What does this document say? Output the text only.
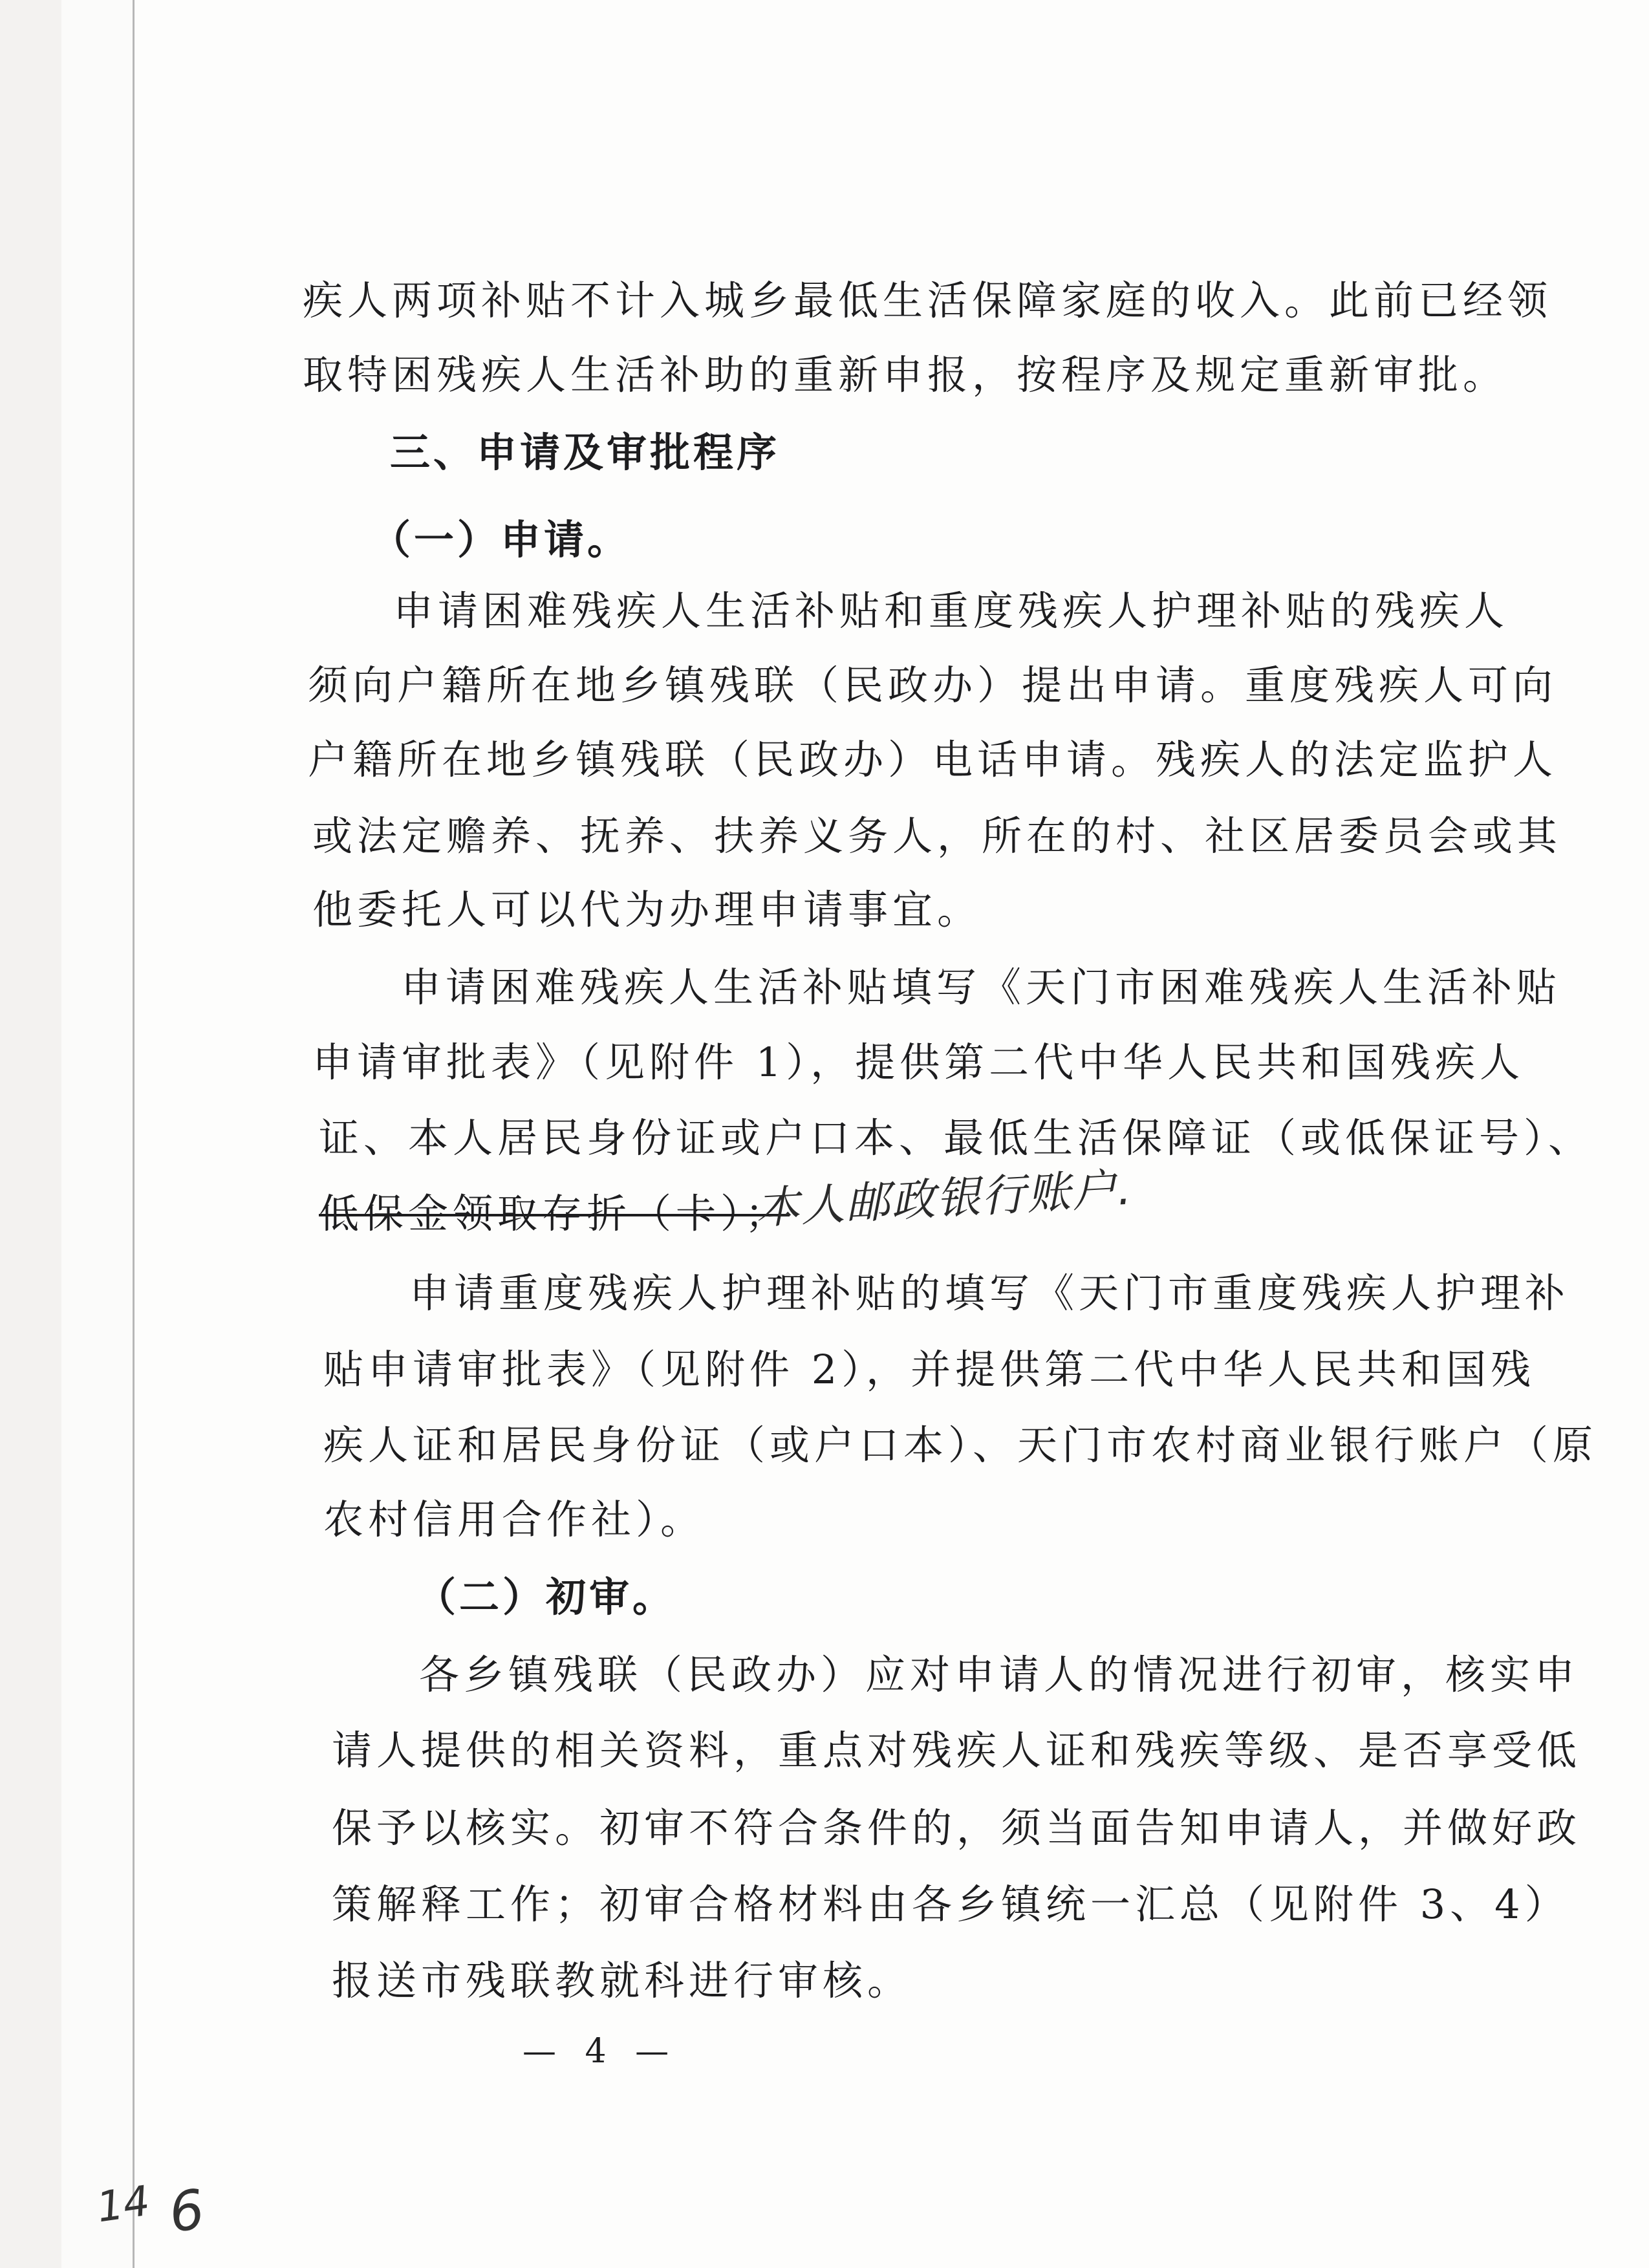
疾人两项补贴不计入城乡最低生活保障家庭的收入。此前已经领

取特困残疾人生活补助的重新申报，按程序及规定重新审批。

三、申请及审批程序

（一）申请。

申请困难残疾人生活补贴和重度残疾人护理补贴的残疾人

须向户籍所在地乡镇残联（民政办）提出申请。重度残疾人可向

户籍所在地乡镇残联（民政办）电话申请。残疾人的法定监护人

或法定赡养、抚养、扶养义务人，所在的村、社区居委员会或其

他委托人可以代为办理申请事宜。

申请困难残疾人生活补贴填写《天门市困难残疾人生活补贴

申请审批表》（见附件 1），提供第二代中华人民共和国残疾人

证、本人居民身份证或户口本、最低生活保障证（或低保证号）、

低保金领取存折（卡）；

本人邮政银行账户.

申请重度残疾人护理补贴的填写《天门市重度残疾人护理补

贴申请审批表》（见附件 2），并提供第二代中华人民共和国残

疾人证和居民身份证（或户口本）、天门市农村商业银行账户（原

农村信用合作社）。

（二）初审。

各乡镇残联（民政办）应对申请人的情况进行初审，核实申

请人提供的相关资料，重点对残疾人证和残疾等级、是否享受低

保予以核实。初审不符合条件的，须当面告知申请人，并做好政

策解释工作；初审合格材料由各乡镇统一汇总（见附件 3、4）

报送市残联教就科进行审核。

— 4 —
14 6
